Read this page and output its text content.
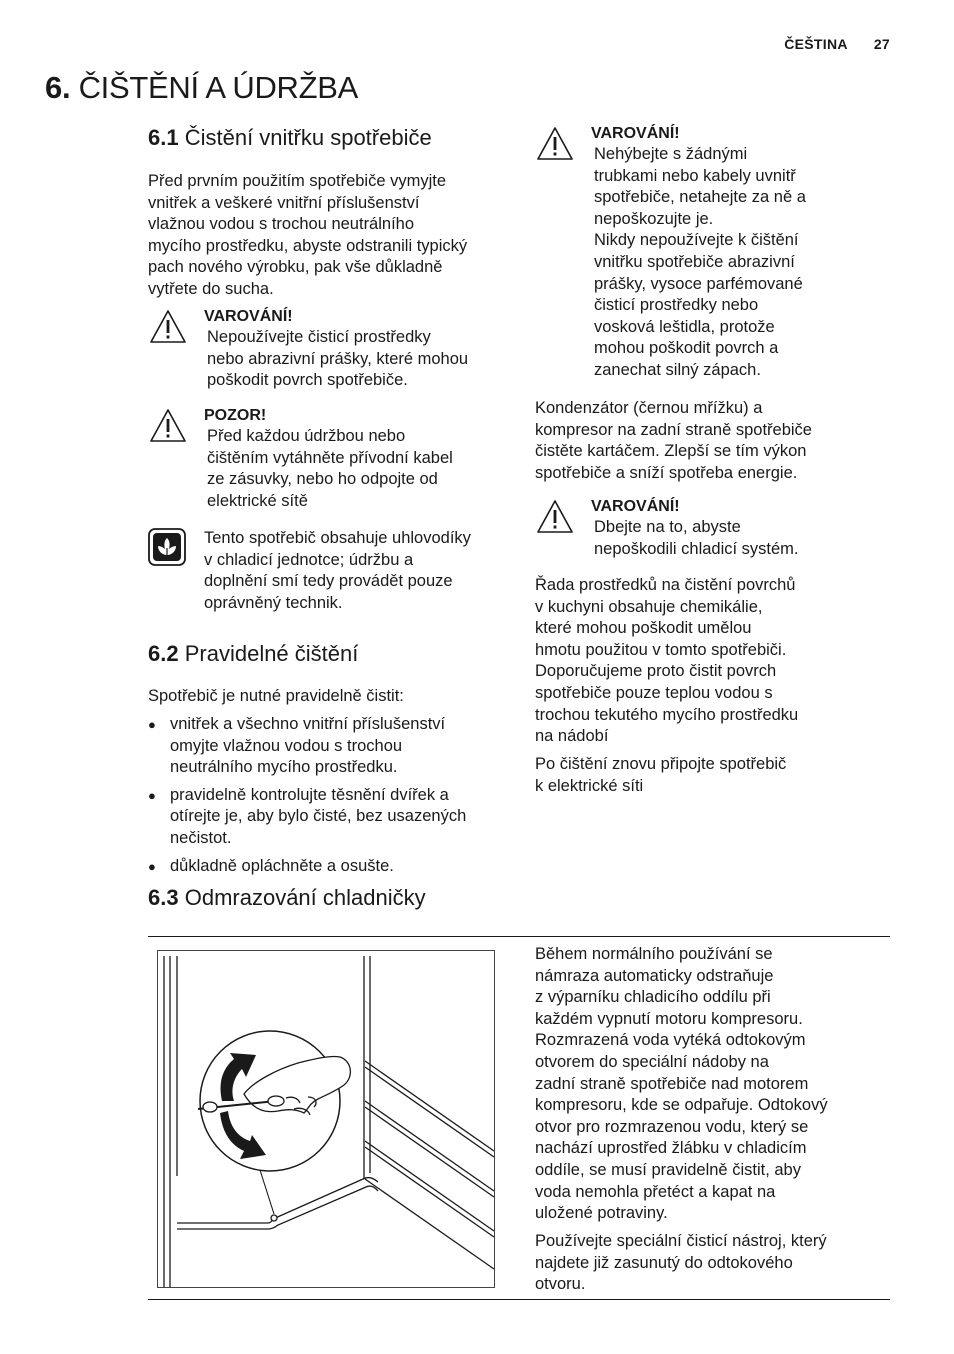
ČEŠTINA 27
6. ČIŠTĚNÍ A ÚDRŽBA
6.1 Čistění vnitřku spotřebiče
Před prvním použitím spotřebiče vymyjte
vnitřek a veškeré vnitřní příslušenství
vlažnou vodou s trochou neutrálního
mycího prostředku, abyste odstranili typický
pach nového výrobku, pak vše důkladně
vytřete do sucha.
VAROVÁNÍ!
Nepoužívejte čisticí prostředky
nebo abrazivní prášky, které mohou
poškodit povrch spotřebiče.
POZOR!
Před každou údržbou nebo
čištěním vytáhněte přívodní kabel
ze zásuvky, nebo ho odpojte od
elektrické sítě
Tento spotřebič obsahuje uhlovodíky
v chladicí jednotce; údržbu a
doplnění smí tedy provádět pouze
oprávněný technik.
6.2 Pravidelné čištění
Spotřebič je nutné pravidelně čistit:
● vnitřek a všechno vnitřní příslušenství
omyjte vlažnou vodou s trochou
neutrálního mycího prostředku.
● pravidelně kontrolujte těsnění dvířek a
otírejte je, aby bylo čisté, bez usazených
nečistot.
● důkladně opláchněte a osušte.
6.3 Odmrazování chladničky
VAROVÁNÍ!
Nehýbejte s žádnými
trubkami nebo kabely uvnitř
spotřebiče, netahejte za ně a
nepoškozujte je.
Nikdy nepoužívejte k čištění
vnitřku spotřebiče abrazivní
prášky, vysoce parfémované
čisticí prostředky nebo
vosková leštidla, protože
mohou poškodit povrch a
zanechat silný zápach.
Kondenzátor (černou mřížku) a
kompresor na zadní straně spotřebiče
čistěte kartáčem. Zlepší se tím výkon
spotřebiče a sníží spotřeba energie.
VAROVÁNÍ!
Dbejte na to, abyste
nepoškodili chladicí systém.
Řada prostředků na čistění povrchů
v kuchyni obsahuje chemikálie,
které mohou poškodit umělou
hmotu použitou v tomto spotřebiči.
Doporučujeme proto čistit povrch
spotřebiče pouze teplou vodou s
trochou tekutého mycího prostředku
na nádobí
Po čištění znovu připojte spotřebič
k elektrické síti
Během normálního používání se
námraza automaticky odstraňuje
z výparníku chladicího oddílu při
každém vypnutí motoru kompresoru.
Rozmrazená voda vytéká odtokovým
otvorem do speciální nádoby na
zadní straně spotřebiče nad motorem
kompresoru, kde se odpařuje. Odtokový
otvor pro rozmrazenou vodu, který se
nachází uprostřed žlábku v chladicím
oddíle, se musí pravidelně čistit, aby
voda nemohla přetéct a kapat na
uložené potraviny.
Používejte speciální čisticí nástroj, který
najdete již zasunutý do odtokového
otvoru.
